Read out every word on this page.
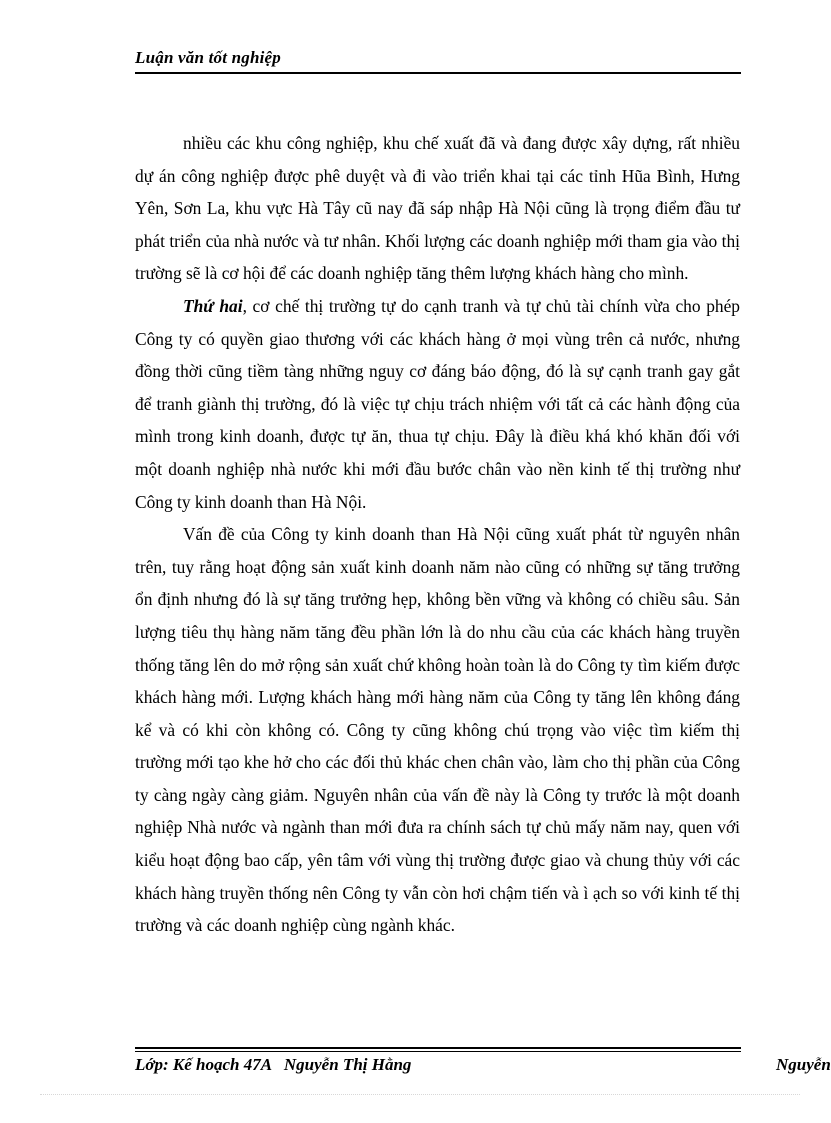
Luận văn tốt nghiệp

nhiều các khu công nghiệp, khu chế xuất đã và đang được xây dựng, rất nhiều dự án công nghiệp được phê duyệt và đi vào triển khai tại các tỉnh Hũa Bình, Hưng Yên, Sơn La, khu vực Hà Tây cũ nay đã sáp nhập Hà Nội cũng là trọng điểm đầu tư phát triển của nhà nước và tư nhân. Khối lượng các doanh nghiệp mới tham gia vào thị trường sẽ là cơ hội để các doanh nghiệp tăng thêm lượng khách hàng cho mình.

Thứ hai, cơ chế thị trường tự do cạnh tranh và tự chủ tài chính vừa cho phép Công ty có quyền giao thương với các khách hàng ở mọi vùng trên cả nước, nhưng đồng thời cũng tiềm tàng những nguy cơ đáng báo động, đó là sự cạnh tranh gay gắt để tranh giành thị trường, đó là việc tự chịu trách nhiệm với tất cả các hành động của mình trong kinh doanh, được tự ăn, thua tự chịu. Đây là điều khá khó khăn đối với một doanh nghiệp nhà nước khi mới đầu bước chân vào nền kinh tế thị trường như Công ty kinh doanh than Hà Nội.

Vấn đề của Công ty kinh doanh than Hà Nội cũng xuất phát từ nguyên nhân trên, tuy rằng hoạt động sản xuất kinh doanh năm nào cũng có những sự tăng trưởng ổn định nhưng đó là sự tăng trưởng hẹp, không bền vững và không có chiều sâu. Sản lượng tiêu thụ hàng năm tăng đều phần lớn là do nhu cầu của các khách hàng truyền thống tăng lên do mở rộng sản xuất chứ không hoàn toàn là do Công ty tìm kiếm được khách hàng mới. Lượng khách hàng mới hàng năm của Công ty tăng lên không đáng kể và có khi còn không có. Công ty cũng không chú trọng vào việc tìm kiếm thị trường mới tạo khe hở cho các đối thủ khác chen chân vào, làm cho thị phần của Công ty càng ngày càng giảm. Nguyên nhân của vấn đề này là Công ty trước là một doanh nghiệp Nhà nước và ngành than mới đưa ra chính sách tự chủ mấy năm nay, quen với kiểu hoạt động bao cấp, yên tâm với vùng thị trường được giao và chung thủy với các khách hàng truyền thống nên Công ty vẫn còn hơi chậm tiến và ì ạch so với kinh tế thị trường và các doanh nghiệp cùng ngành khác.

Lớp: Kế hoạch 47A   Nguyễn Thị Hằng	Nguyễn
